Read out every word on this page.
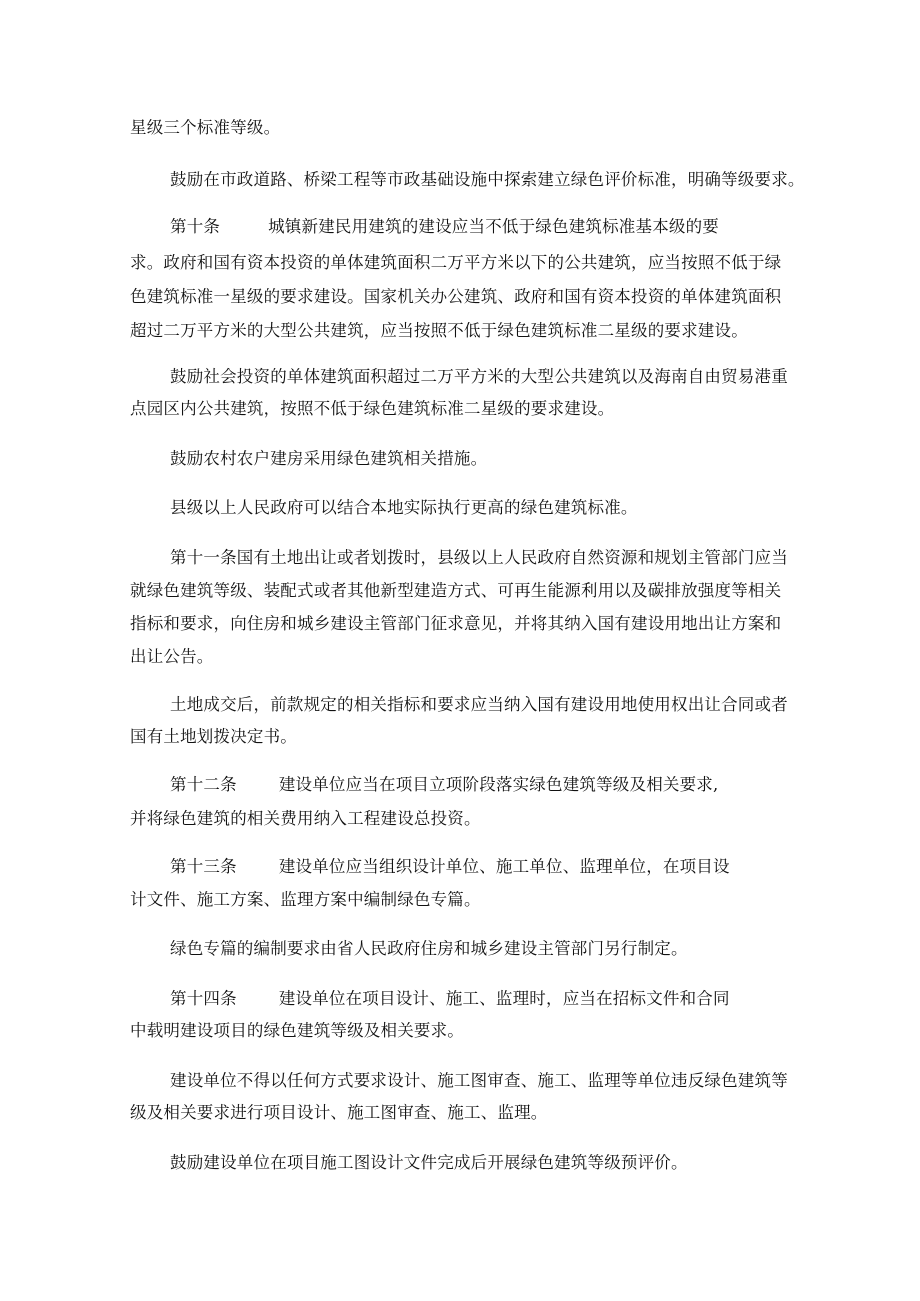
星级三个标准等级。
鼓励在市政道路、桥梁工程等市政基础设施中探索建立绿色评价标准，明确等级要求。
第十条	城镇新建民用建筑的建设应当不低于绿色建筑标准基本级的要
求。政府和国有资本投资的单体建筑面积二万平方米以下的公共建筑，应当按照不低于绿
色建筑标准一星级的要求建设。国家机关办公建筑、政府和国有资本投资的单体建筑面积
超过二万平方米的大型公共建筑，应当按照不低于绿色建筑标准二星级的要求建设。
鼓励社会投资的单体建筑面积超过二万平方米的大型公共建筑以及海南自由贸易港重
点园区内公共建筑，按照不低于绿色建筑标准二星级的要求建设。
鼓励农村农户建房采用绿色建筑相关措施。
县级以上人民政府可以结合本地实际执行更高的绿色建筑标准。
第十一条国有土地出让或者划拨时，县级以上人民政府自然资源和规划主管部门应当
就绿色建筑等级、装配式或者其他新型建造方式、可再生能源利用以及碳排放强度等相关
指标和要求，向住房和城乡建设主管部门征求意见，并将其纳入国有建设用地出让方案和
出让公告。
土地成交后，前款规定的相关指标和要求应当纳入国有建设用地使用权出让合同或者
国有土地划拨决定书。
第十二条	建设单位应当在项目立项阶段落实绿色建筑等级及相关要求,
并将绿色建筑的相关费用纳入工程建设总投资。
第十三条	建设单位应当组织设计单位、施工单位、监理单位，在项目设
计文件、施工方案、监理方案中编制绿色专篇。
绿色专篇的编制要求由省人民政府住房和城乡建设主管部门另行制定。
第十四条	建设单位在项目设计、施工、监理时，应当在招标文件和合同
中载明建设项目的绿色建筑等级及相关要求。
建设单位不得以任何方式要求设计、施工图审查、施工、监理等单位违反绿色建筑等
级及相关要求进行项目设计、施工图审查、施工、监理。
鼓励建设单位在项目施工图设计文件完成后开展绿色建筑等级预评价。
